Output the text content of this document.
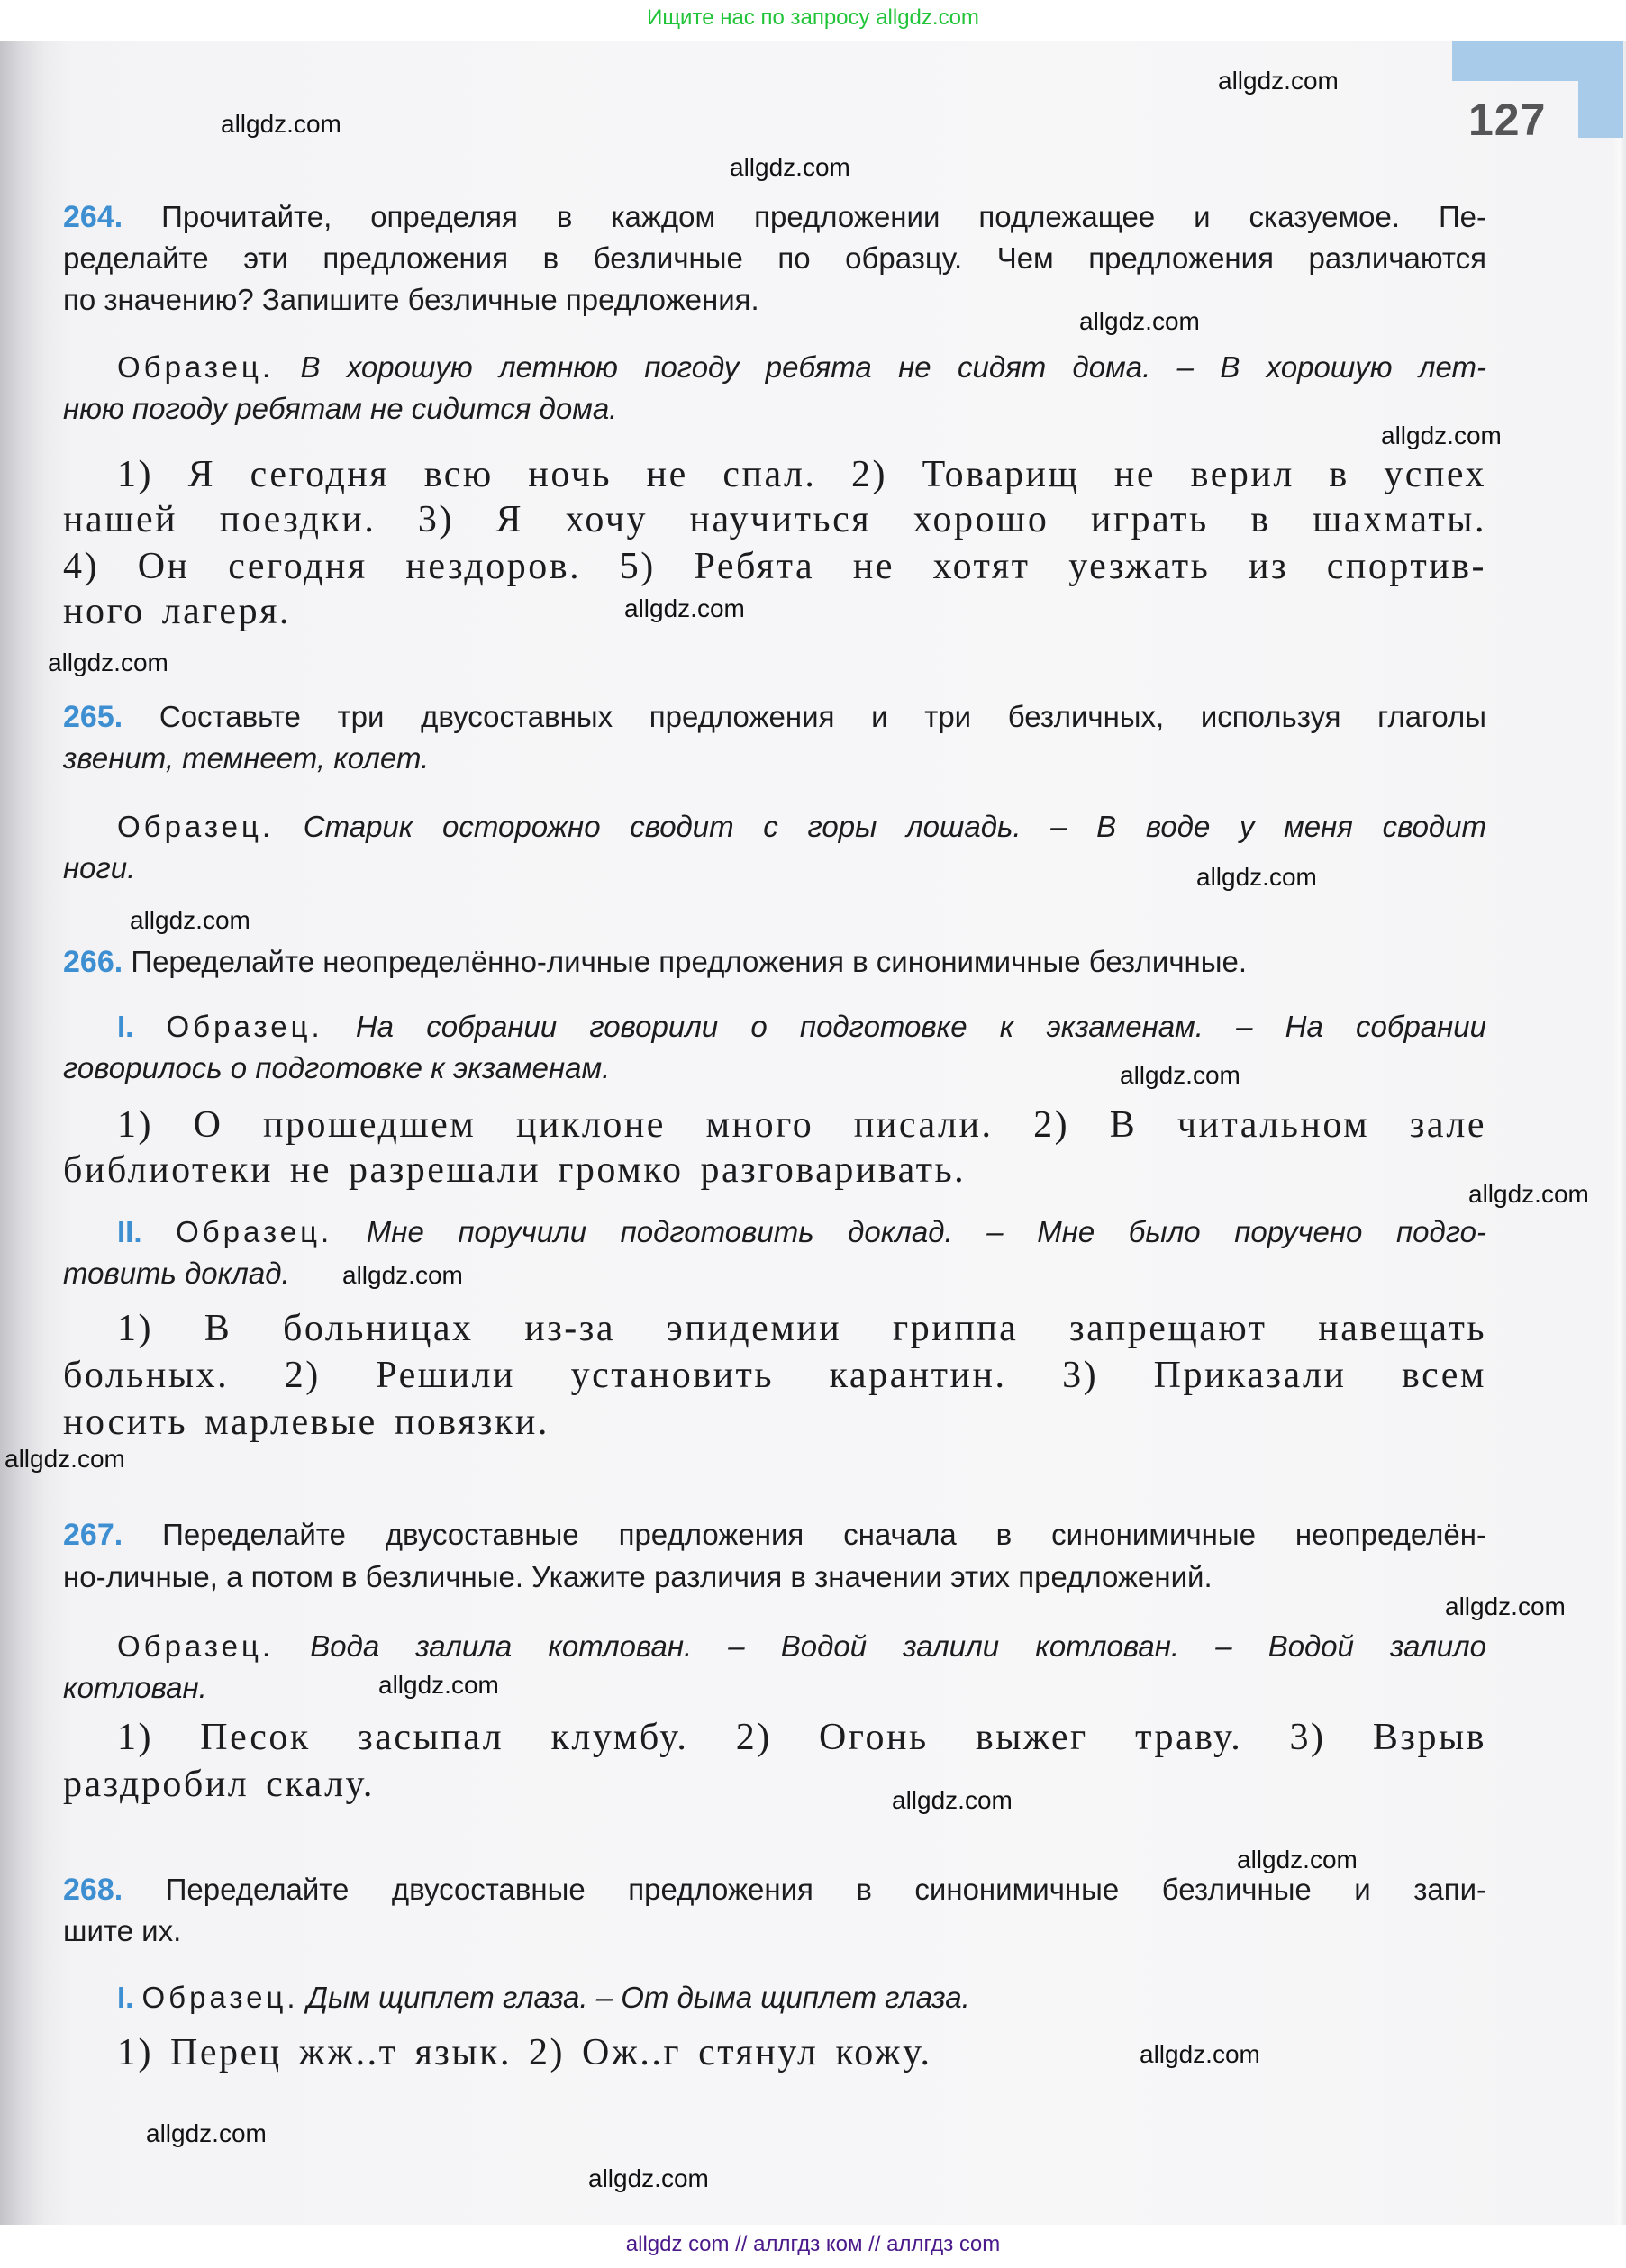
Ищите нас по запросу allgdz.com
127
264. Прочитайте, определяя в каждом предложении подлежащее и сказуемое. Пе-
ределайте эти предложения в безличные по образцу. Чем предложения различаются
по значению? Запишите безличные предложения.
Образец. В хорошую летнюю погоду ребята не сидят дома. – В хорошую лет-
нюю погоду ребятам не сидится дома.
1) Я сегодня всю ночь не спал. 2) Товарищ не верил в успех
нашей поездки. 3) Я хочу научиться хорошо играть в шахматы.
4) Он сегодня нездоров. 5) Ребята не хотят уезжать из спортив-
ного лагеря.
265. Составьте три двусоставных предложения и три безличных, используя глаголы
звенит, темнеет, колет.
Образец. Старик осторожно сводит с горы лошадь. – В воде у меня сводит
ноги.
266. Переделайте неопределённо-личные предложения в синонимичные безличные.
I. Образец. На собрании говорили о подготовке к экзаменам. – На собрании
говорилось о подготовке к экзаменам.
1) О прошедшем циклоне много писали. 2) В читальном зале
библиотеки не разрешали громко разговаривать.
II. Образец. Мне поручили подготовить доклад. – Мне было поручено подго-
товить доклад.
1) В больницах из-за эпидемии гриппа запрещают навещать
больных. 2) Решили установить карантин. 3) Приказали всем
носить марлевые повязки.
267. Переделайте двусоставные предложения сначала в синонимичные неопределён-
но-личные, а потом в безличные. Укажите различия в значении этих предложений.
Образец. Вода залила котлован. – Водой залили котлован. – Водой залило
котлован.
1) Песок засыпал клумбу. 2) Огонь выжег траву. 3) Взрыв
раздробил скалу.
268. Переделайте двусоставные предложения в синонимичные безличные и запи-
шите их.
I. Образец. Дым щиплет глаза. – От дыма щиплет глаза.
1) Перец жж..т язык. 2) Ож..г стянул кожу.
allgdz.com
allgdz.com
allgdz.com
allgdz.com
allgdz.com
allgdz.com
allgdz.com
allgdz.com
allgdz.com
allgdz.com
allgdz.com
allgdz.com
allgdz.com
allgdz.com
allgdz.com
allgdz.com
allgdz.com
allgdz.com
allgdz.com
allgdz.com
allgdz com // аллгдз ком // аллгдз com
